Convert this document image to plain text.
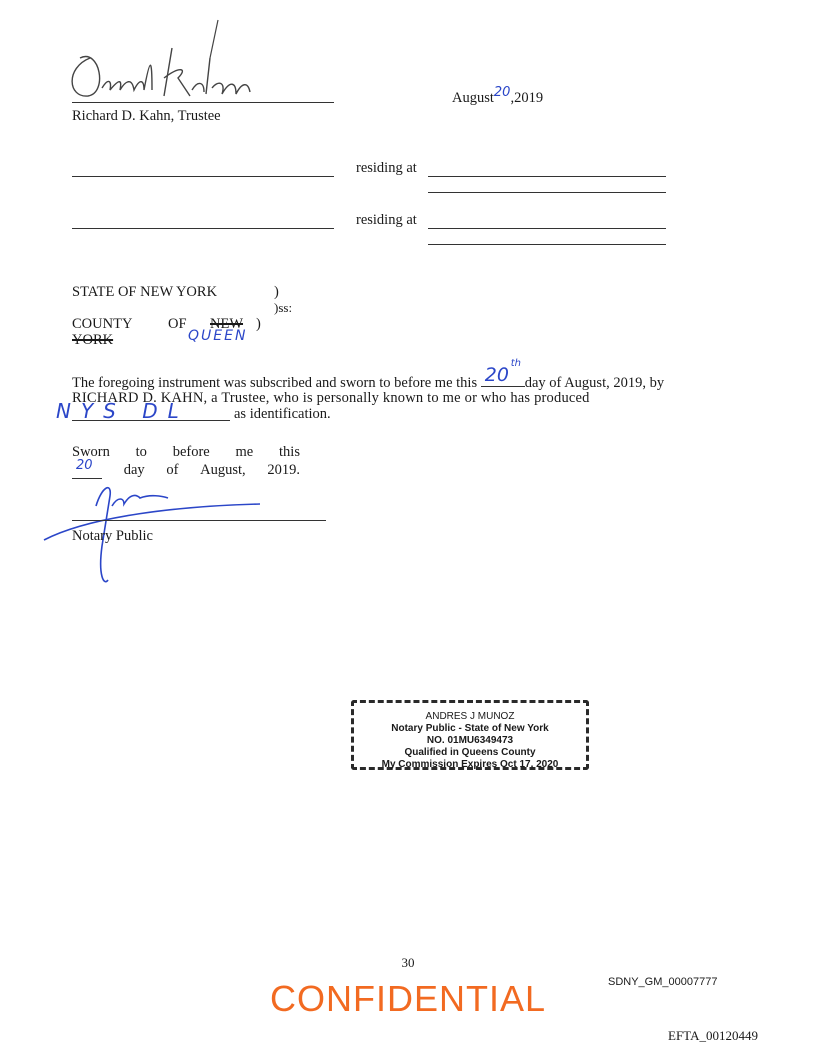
Richard D. Kahn, Trustee
August20,2019
residing at
residing at
STATE OF NEW YORK	)
)ss:
COUNTY OF NEW )
YORK	QUEEN
The foregoing instrument was subscribed and sworn to before me this 20
th
day of August, 2019, by
RICHARD D. KAHN, a Trustee, who is personally known to me or who has produced
NYS DL	as identification.
Sworn to before me this
20 day of August, 2019.
Notary Public
ANDRES J MUNOZ
Notary Public - State of New York
NO. 01MU6349473
Qualified in Queens County
My Commission Expires Oct 17, 2020
30
CONFIDENTIAL	SDNY_GM_00007777
EFTA_00120449
